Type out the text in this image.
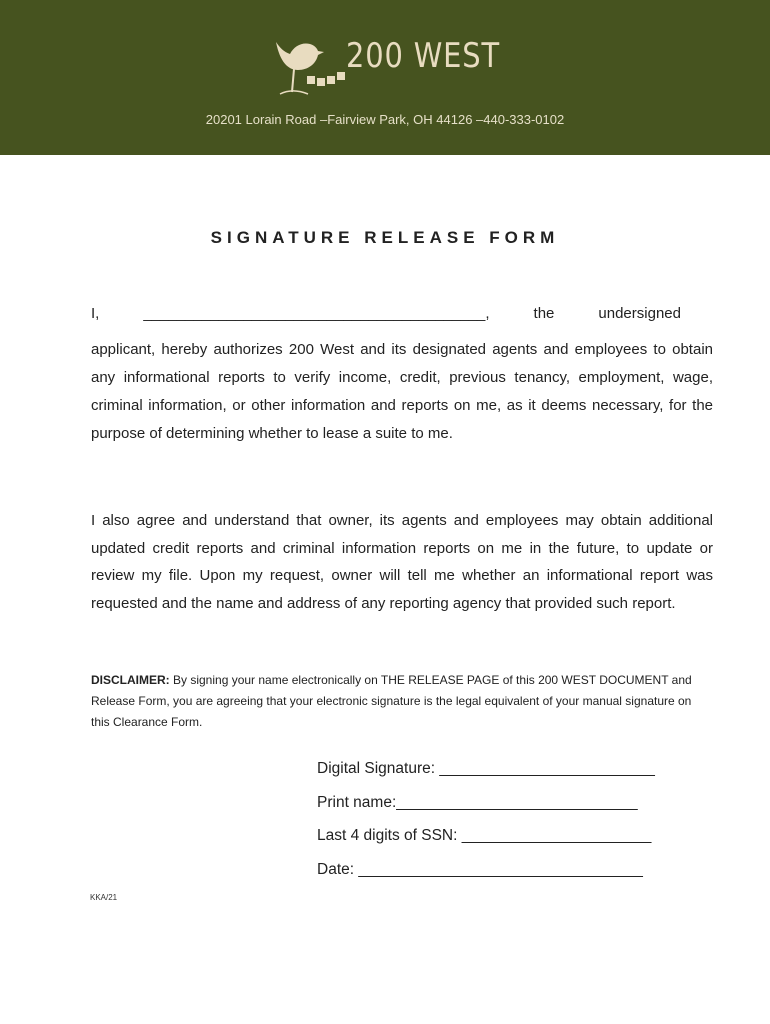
200 WEST
20201 Lorain Road –Fairview Park, OH 44126 –440-333-0102
SIGNATURE RELEASE FORM
I,	_________________________________________,	the	undersigned
applicant, hereby authorizes 200 West and its designated agents and employees to obtain any informational reports to verify income, credit, previous tenancy, employment, wage, criminal information, or other information and reports on me, as it deems necessary, for the purpose of determining whether to lease a suite to me.
I also agree and understand that owner, its agents and employees may obtain additional updated credit reports and criminal information reports on me in the future, to update or review my file. Upon my request, owner will tell me whether an informational report was requested and the name and address of any reporting agency that provided such report.
DISCLAIMER: By signing your name electronically on THE RELEASE PAGE of this 200 WEST DOCUMENT and Release Form, you are agreeing that your electronic signature is the legal equivalent of your manual signature on this Clearance Form.
Digital Signature: _________________________
Print name:____________________________
Last 4 digits of SSN: ______________________
Date: _________________________________
KKA/21
